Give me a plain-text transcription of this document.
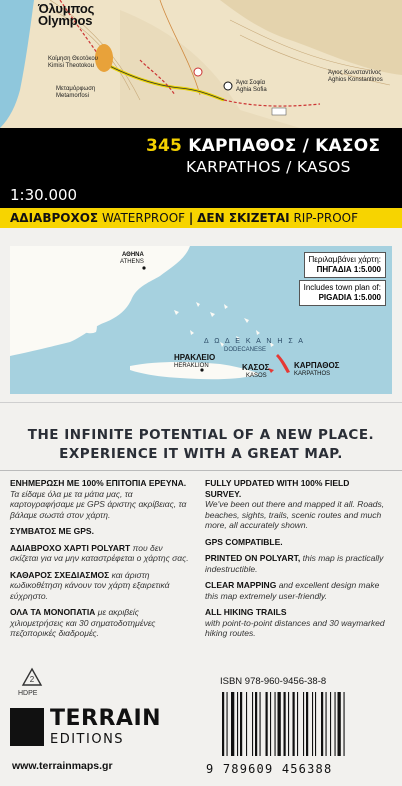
Όλυμπος
Olympos
Κοίμηση Θεοτόκου
Kimisi Theotokou
Μεταμόρφωση
Metamorfosi
Άγια Σοφία
Aghia Sofia
Άγιος Κωνσταντίνος
Aghios Konstantinos
345 ΚΑΡΠΑΘΟΣ / ΚΑΣΟΣ
KARPATHOS / KASOS
1:30.000
ΑΔΙΑΒΡΟΧΟΣ WATERPROOF | ΔΕΝ ΣΚΙΖΕΤΑΙ RIP-PROOF
ΑΘΗΝΑ
ATHENS
Δ Ω Δ Ε Κ Α Ν Η Σ Α
DODECANESE
ΗΡΑΚΛΕΙΟ
HERAKLION	ΚΑΣΟΣ
KASOS
ΚΑΡΠΑΘΟΣ
KARPATHOS
Περιλαμβάνει χάρτη:
ΠΗΓΑΔΙΑ 1:5.000
Includes town plan of:
PIGADIA 1:5.000
THE INFINITE POTENTIAL OF A NEW PLACE.
EXPERIENCE IT WITH A GREAT MAP.
ΕΝΗΜΕΡΩΣΗ ΜΕ 100% ΕΠΙΤΟΠΙΑ ΕΡΕΥΝΑ.
Τα είδαμε όλα με τα μάτια μας, τα καρτογραφήσαμε με GPS άριστης ακρίβειας, τα βάλαμε σωστά στον χάρτη.
ΣΥΜΒΑΤΟΣ ΜΕ GPS.
ΑΔΙΑΒΡΟΧΟ ΧΑΡΤΙ POLYART που δεν σκίζεται για να μην καταστρέφεται ο χάρτης σας.
ΚΑΘΑΡΟΣ ΣΧΕΔΙΑΣΜΟΣ και άριστη κωδικοθέτηση κάνουν τον χάρτη εξαιρετικά εύχρηστο.
ΟΛΑ ΤΑ ΜΟΝΟΠΑΤΙΑ με ακριβείς χιλιομετρήσεις και 30 σηματοδοτημένες πεζοπορικές διαδρομές.
FULLY UPDATED WITH 100% FIELD SURVEY.
We've been out there and mapped it all. Roads, beaches, sights, trails, scenic routes and much more, all accurately shown.
GPS COMPATIBLE.
PRINTED ON POLYART, this map is practically indestructible.
CLEAR MAPPING and excellent design make this map extremely user-friendly.
ALL HIKING TRAILS
with point-to-point distances and 30 waymarked hiking routes.
2
HDPE
TERRAIN
EDITIONS
www.terrainmaps.gr
ISBN 978-960-9456-38-8
9 789609 456388
